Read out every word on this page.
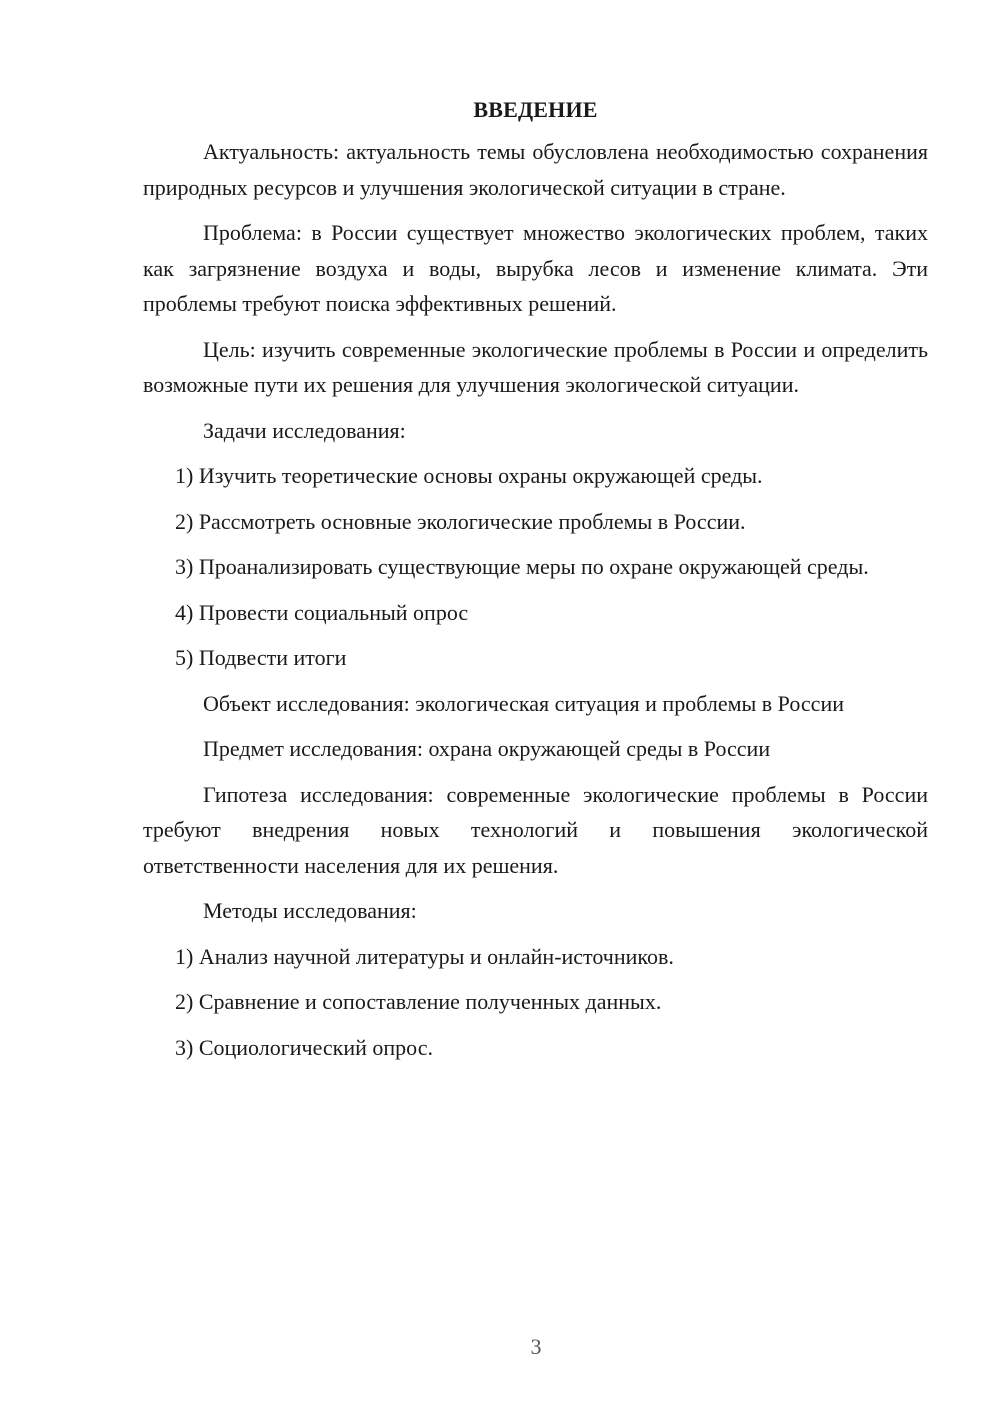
ВВЕДЕНИЕ

Актуальность: актуальность темы обусловлена необходимостью сохранения природных ресурсов и улучшения экологической ситуации в стране.

Проблема: в России существует множество экологических проблем, таких как загрязнение воздуха и воды, вырубка лесов и изменение климата. Эти проблемы требуют поиска эффективных решений.

Цель: изучить современные экологические проблемы в России и определить возможные пути их решения для улучшения экологической ситуации.

Задачи исследования:

1) Изучить теоретические основы охраны окружающей среды.

2) Рассмотреть основные экологические проблемы в России.

3) Проанализировать существующие меры по охране окружающей среды.

4) Провести социальный опрос

5) Подвести итоги

Объект исследования: экологическая ситуация и проблемы в России

Предмет исследования: охрана окружающей среды в России

Гипотеза исследования: современные экологические проблемы в России требуют внедрения новых технологий и повышения экологической ответственности населения для их решения.

Методы исследования:

1) Анализ научной литературы и онлайн-источников.

2) Сравнение и сопоставление полученных данных.

3) Социологический опрос.

3
